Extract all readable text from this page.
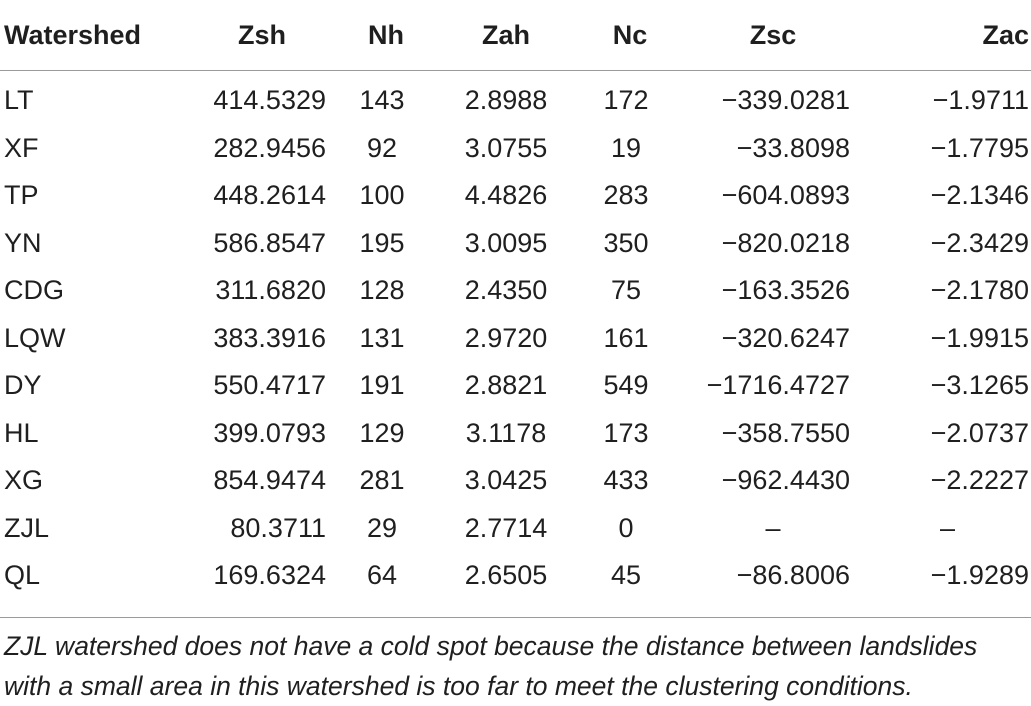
Watershed	Zsh	Nh	Zah	Nc	Zsc	Zac
LT	414.5329	143	2.8988	172	−339.0281	−1.9711
XF	282.9456	92	3.0755	19	−33.8098	−1.7795
TP	448.2614	100	4.4826	283	−604.0893	−2.1346
YN	586.8547	195	3.0095	350	−820.0218	−2.3429
CDG	311.6820	128	2.4350	75	−163.3526	−2.1780
LQW	383.3916	131	2.9720	161	−320.6247	−1.9915
DY	550.4717	191	2.8821	549	−1716.4727	−3.1265
HL	399.0793	129	3.1178	173	−358.7550	−2.0737
XG	854.9474	281	3.0425	433	−962.4430	−2.2227
ZJL	80.3711	29	2.7714	0	–	–
QL	169.6324	64	2.6505	45	−86.8006	−1.9289
ZJL watershed does not have a cold spot because the distance between landslides with a small area in this watershed is too far to meet the clustering conditions.
